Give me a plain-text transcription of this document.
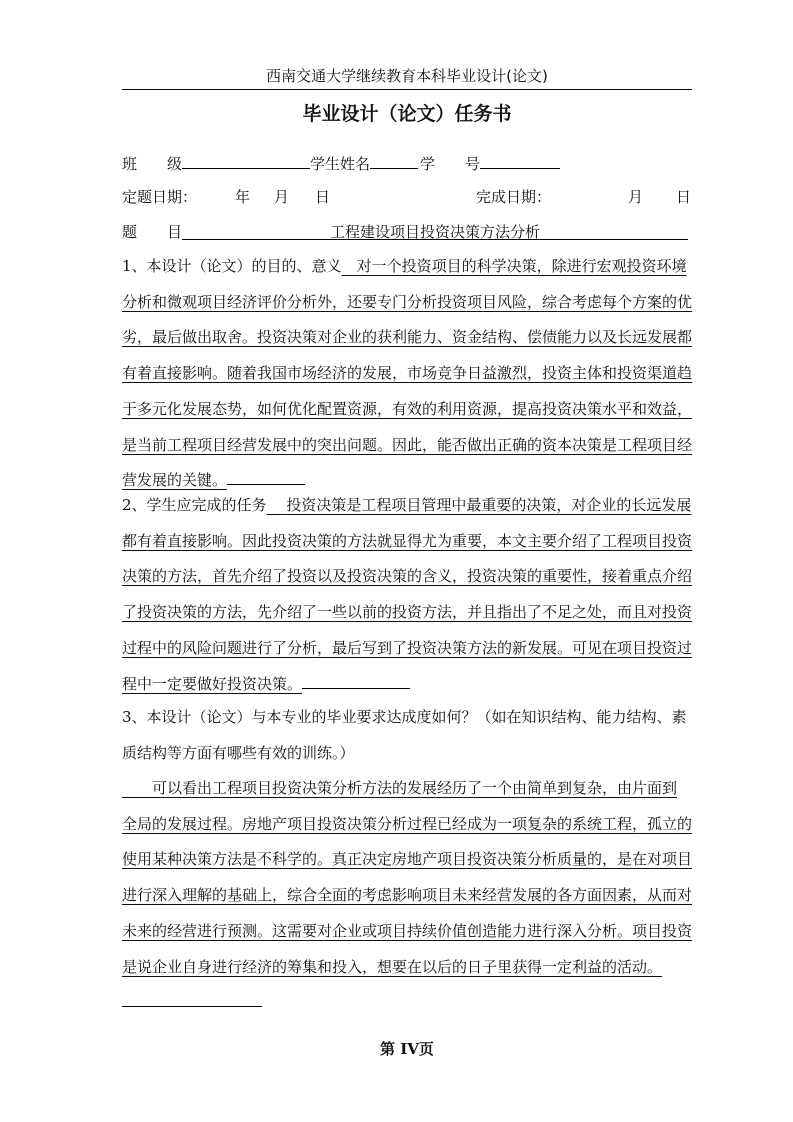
西南交通大学继续教育本科毕业设计(论文)
毕业设计（论文）任务书
班　　级	学生姓名	学　　号
定题日期：	年 月 日	完成日期：	月 日
题　　目	工程建设项目投资决策方法分析
1、本设计（论文）的目的、意义　 对一个投资项目的科学决策，除进行宏观投资环境分析和微观项目经济评价分析外，还要专门分析投资项目风险，综合考虑每个方案的优劣，最后做出取舍。投资决策对企业的获利能力、资金结构、偿债能力以及长远发展都有着直接影响。随着我国市场经济的发展，市场竞争日益激烈，投资主体和投资渠道趋于多元化发展态势，如何优化配置资源，有效的利用资源，提高投资决策水平和效益，是当前工程项目经营发展中的突出问题。因此，能否做出正确的资本决策是工程项目经营发展的关键。
2、学生应完成的任务　 投资决策是工程项目管理中最重要的决策，对企业的长远发展都有着直接影响。因此投资决策的方法就显得尤为重要，本文主要介绍了工程项目投资决策的方法，首先介绍了投资以及投资决策的含义，投资决策的重要性，接着重点介绍了投资决策的方法，先介绍了一些以前的投资方法，并且指出了不足之处，而且对投资过程中的风险问题进行了分析，最后写到了投资决策方法的新发展。可见在项目投资过程中一定要做好投资决策。
3、本设计（论文）与本专业的毕业要求达成度如何？（如在知识结构、能力结构、素质结构等方面有哪些有效的训练。）
　　可以看出工程项目投资决策分析方法的发展经历了一个由简单到复杂，由片面到全局的发展过程。房地产项目投资决策分析过程已经成为一项复杂的系统工程，孤立的使用某种决策方法是不科学的。真正决定房地产项目投资决策分析质量的，是在对项目进行深入理解的基础上，综合全面的考虑影响项目未来经营发展的各方面因素，从而对未来的经营进行预测。这需要对企业或项目持续价值创造能力进行深入分析。项目投资是说企业自身进行经济的筹集和投入，想要在以后的日子里获得一定利益的活动。
第 IV页
